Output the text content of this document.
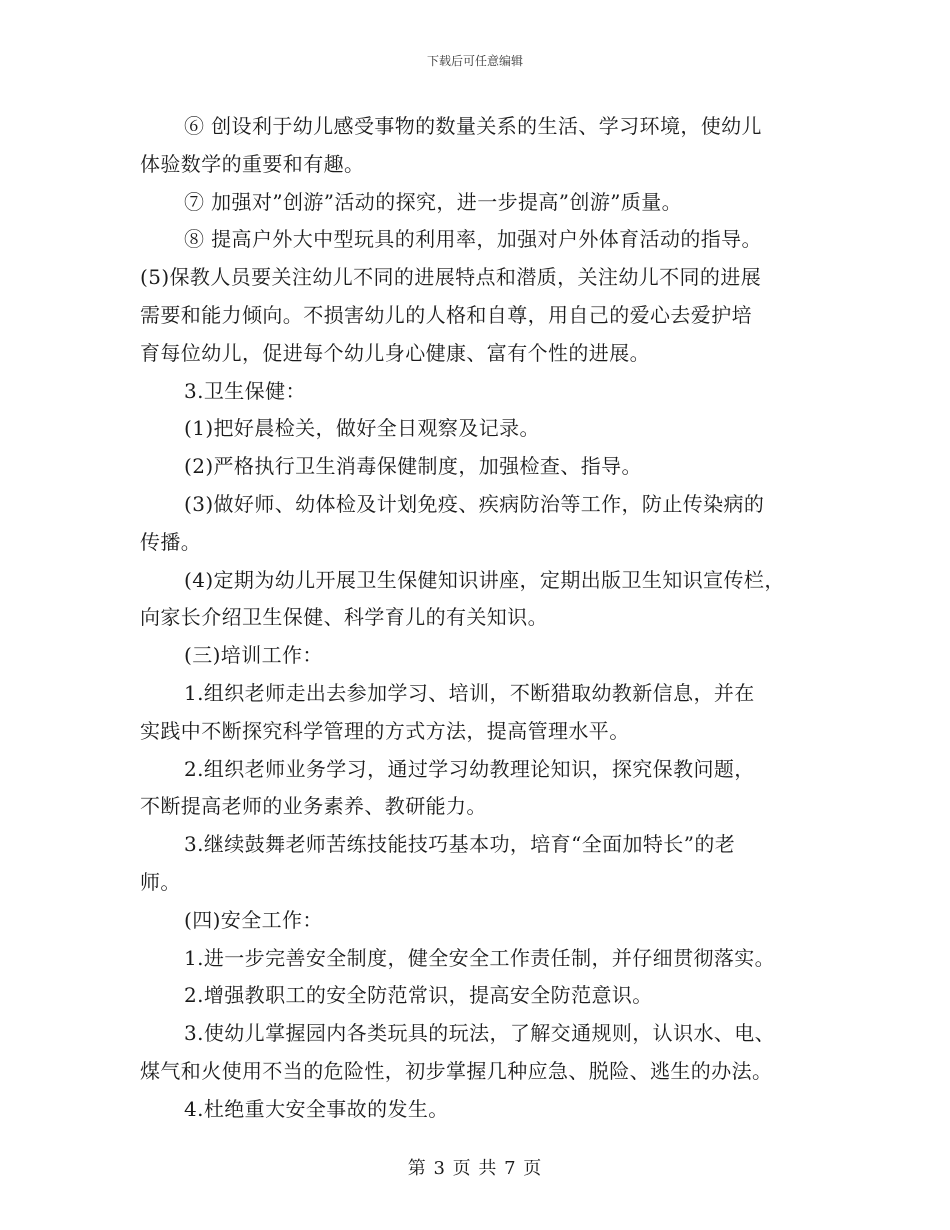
下载后可任意编辑
⑥ 创设利于幼儿感受事物的数量关系的生活、学习环境，使幼儿
体验数学的重要和有趣。
⑦ 加强对”创游”活动的探究，进一步提高”创游”质量。
⑧ 提高户外大中型玩具的利用率，加强对户外体育活动的指导。
(5)保教人员要关注幼儿不同的进展特点和潜质，关注幼儿不同的进展
需要和能力倾向。不损害幼儿的人格和自尊，用自己的爱心去爱护培
育每位幼儿，促进每个幼儿身心健康、富有个性的进展。
3.卫生保健：
(1)把好晨检关，做好全日观察及记录。
(2)严格执行卫生消毒保健制度，加强检查、指导。
(3)做好师、幼体检及计划免疫、疾病防治等工作，防止传染病的
传播。
(4)定期为幼儿开展卫生保健知识讲座，定期出版卫生知识宣传栏，
向家长介绍卫生保健、科学育儿的有关知识。
(三)培训工作：
1.组织老师走出去参加学习、培训，不断猎取幼教新信息，并在
实践中不断探究科学管理的方式方法，提高管理水平。
2.组织老师业务学习，通过学习幼教理论知识，探究保教问题，
不断提高老师的业务素养、教研能力。
3.继续鼓舞老师苦练技能技巧基本功，培育“全面加特长”的老
师。
(四)安全工作：
1.进一步完善安全制度，健全安全工作责任制，并仔细贯彻落实。
2.增强教职工的安全防范常识，提高安全防范意识。
3.使幼儿掌握园内各类玩具的玩法，了解交通规则，认识水、电、
煤气和火使用不当的危险性，初步掌握几种应急、脱险、逃生的办法。
4.杜绝重大安全事故的发生。
第 3 页 共 7 页
